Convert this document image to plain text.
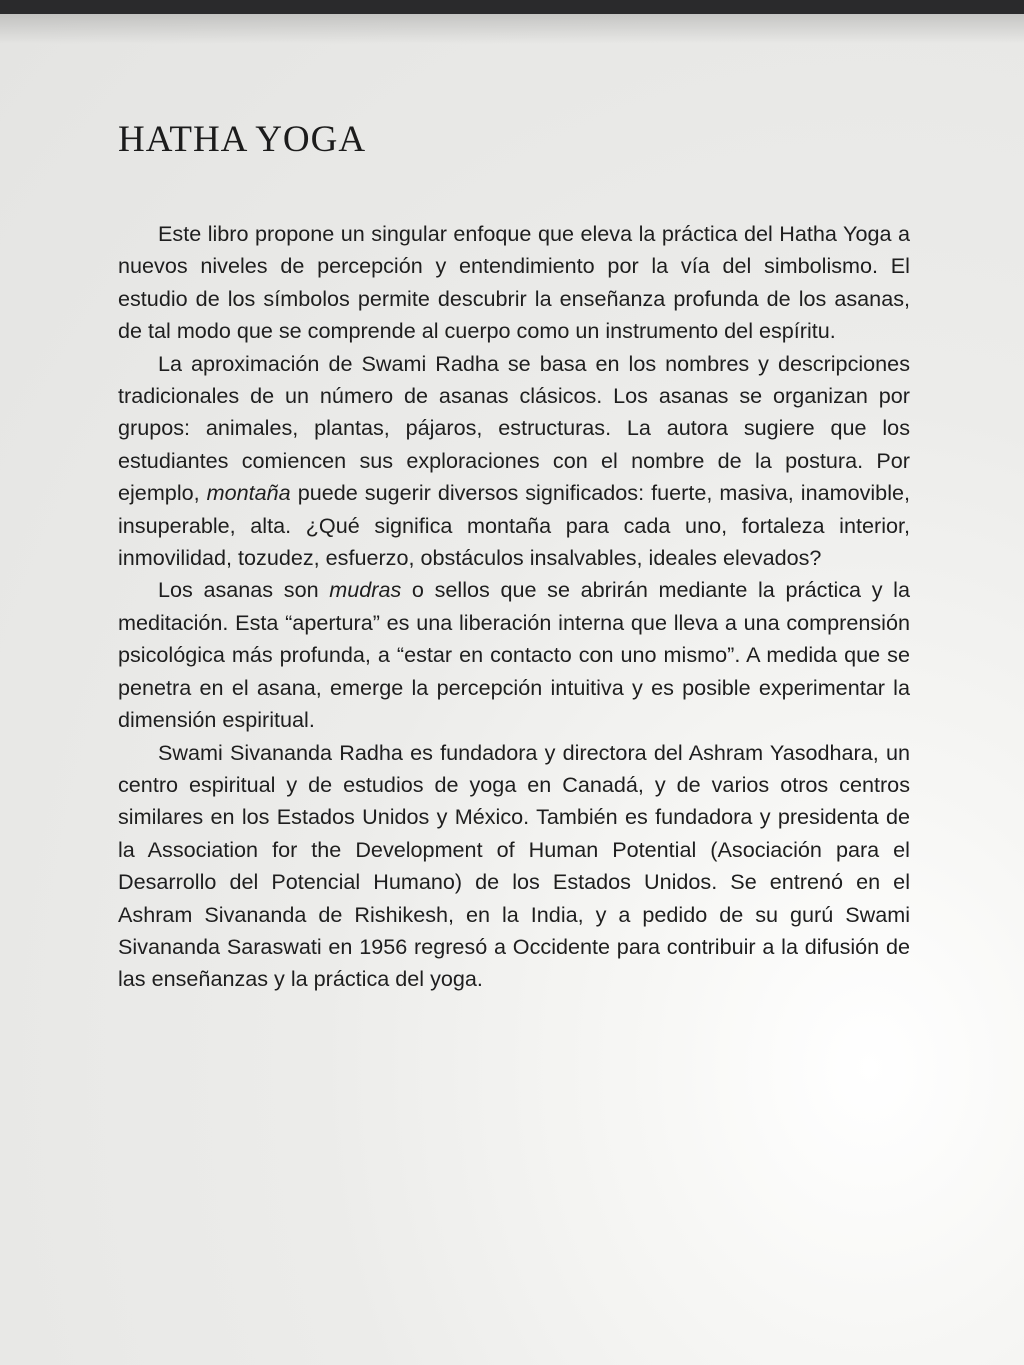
HATHA YOGA

Este libro propone un singular enfoque que eleva la práctica del Hatha Yoga a nuevos niveles de percepción y entendimiento por la vía del simbolismo. El estudio de los símbolos permite descubrir la enseñanza profunda de los asanas, de tal modo que se comprende al cuerpo como un instrumento del espíritu.

La aproximación de Swami Radha se basa en los nombres y descripciones tradicionales de un número de asanas clásicos. Los asanas se organizan por grupos: animales, plantas, pájaros, estructuras. La autora sugiere que los estudiantes comiencen sus exploraciones con el nombre de la postura. Por ejemplo, montaña puede sugerir diversos significados: fuerte, masiva, inamovible, insuperable, alta. ¿Qué significa montaña para cada uno, fortaleza interior, inmovilidad, tozudez, esfuerzo, obstáculos insalvables, ideales elevados?

Los asanas son mudras o sellos que se abrirán mediante la práctica y la meditación. Esta “apertura” es una liberación interna que lleva a una comprensión psicológica más profunda, a “estar en contacto con uno mismo”. A medida que se penetra en el asana, emerge la percepción intuitiva y es posible experimentar la dimensión espiritual.

Swami Sivananda Radha es fundadora y directora del Ashram Yasodhara, un centro espiritual y de estudios de yoga en Canadá, y de varios otros centros similares en los Estados Unidos y México. También es fundadora y presidenta de la Association for the Development of Human Potential (Asociación para el Desarrollo del Potencial Humano) de los Estados Unidos. Se entrenó en el Ashram Sivananda de Rishikesh, en la India, y a pedido de su gurú Swami Sivananda Saraswati en 1956 regresó a Occidente para contribuir a la difusión de las enseñanzas y la práctica del yoga.
